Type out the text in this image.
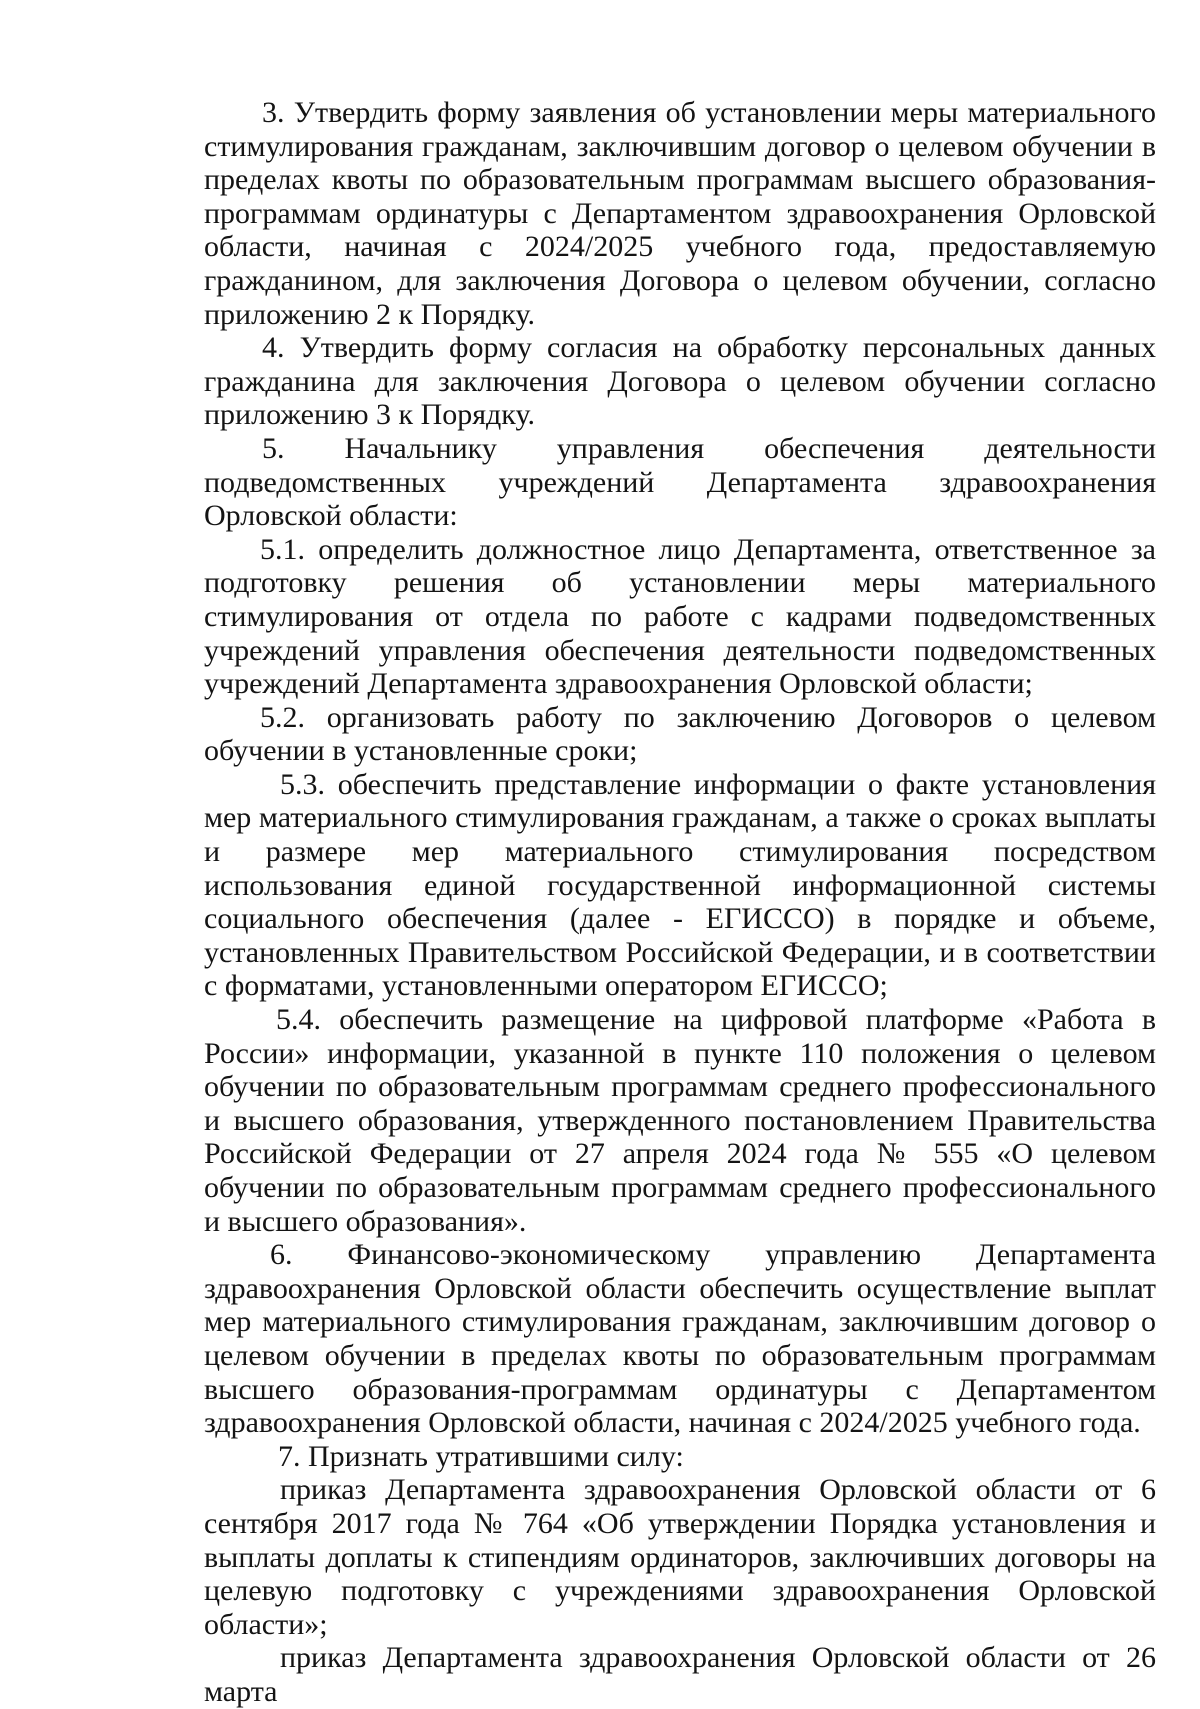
3. Утвердить форму заявления об установлении меры материального стимулирования гражданам, заключившим договор о целевом обучении в пределах квоты по образовательным программам высшего образования-программам ординатуры с Департаментом здравоохранения Орловской области, начиная с 2024/2025 учебного года, предоставляемую гражданином, для заключения Договора о целевом обучении, согласно приложению 2 к Порядку.

4. Утвердить форму согласия на обработку персональных данных гражданина для заключения Договора о целевом обучении согласно приложению 3 к Порядку.

5. Начальнику управления обеспечения деятельности подведомственных учреждений Департамента здравоохранения Орловской области:

5.1. определить должностное лицо Департамента, ответственное за подготовку решения об установлении меры материального стимулирования от отдела по работе с кадрами подведомственных учреждений управления обеспечения деятельности подведомственных учреждений Департамента здравоохранения Орловской области;

5.2. организовать работу по заключению Договоров о целевом обучении в установленные сроки;

5.3. обеспечить представление информации о факте установления мер материального стимулирования гражданам, а также о сроках выплаты и размере мер материального стимулирования посредством использования единой государственной информационной системы социального обеспечения (далее - ЕГИССО) в порядке и объеме, установленных Правительством Российской Федерации, и в соответствии с форматами, установленными оператором ЕГИССО;

5.4. обеспечить размещение на цифровой платформе «Работа в России» информации, указанной в пункте 110 положения о целевом обучении по образовательным программам среднего профессионального и высшего образования, утвержденного постановлением Правительства Российской Федерации от 27 апреля 2024 года № 555 «О целевом обучении по образовательным программам среднего профессионального и высшего образования».

6. Финансово-экономическому управлению Департамента здравоохранения Орловской области обеспечить осуществление выплат мер материального стимулирования гражданам, заключившим договор о целевом обучении в пределах квоты по образовательным программам высшего образования-программам ординатуры с Департаментом здравоохранения Орловской области, начиная с 2024/2025 учебного года.

7. Признать утратившими силу:

приказ Департамента здравоохранения Орловской области от 6 сентября 2017 года № 764 «Об утверждении Порядка установления и выплаты доплаты к стипендиям ординаторов, заключивших договоры на целевую подготовку с учреждениями здравоохранения Орловской области»;

приказ Департамента здравоохранения Орловской области от 26 марта
